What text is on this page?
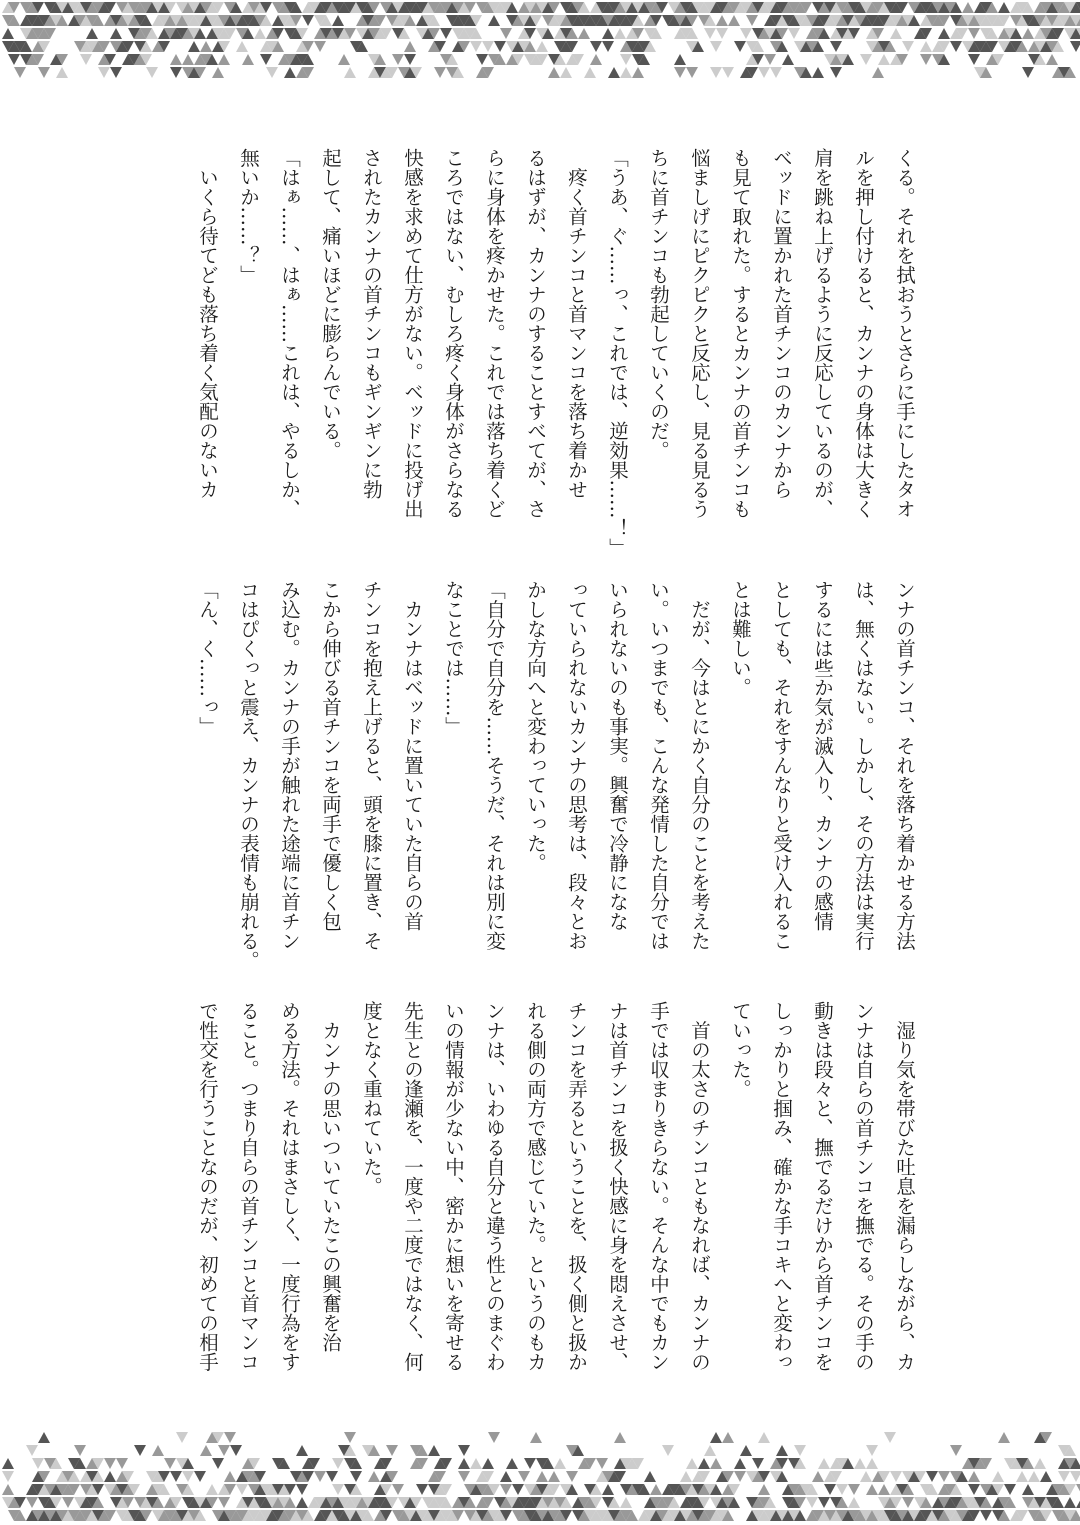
くる。それを拭おうとさらに手にしたタオ
ルを押し付けると、カンナの身体は大きく
肩を跳ね上げるように反応しているのが、
ベッドに置かれた首チンコのカンナから
も見て取れた。するとカンナの首チンコも
悩ましげにピクピクと反応し、見る見るう
ちに首チンコも勃起していくのだ。
「うあ、ぐ……っ、これでは、逆効果……！」
　疼く首チンコと首マンコを落ち着かせ
るはずが、カンナのすることすべてが、さ
らに身体を疼かせた。これでは落ち着くど
ころではない、むしろ疼く身体がさらなる
快感を求めて仕方がない。ベッドに投げ出
されたカンナの首チンコもギンギンに勃
起して、痛いほどに膨らんでいる。
「はぁ……、はぁ……これは、やるしか、
無いか……？」
　いくら待てども落ち着く気配のないカ
ンナの首チンコ、それを落ち着かせる方法
は、無くはない。しかし、その方法は実行
するには些か気が滅入り、カンナの感情
としても、それをすんなりと受け入れるこ
とは難しい。
　だが、今はとにかく自分のことを考えた
い。いつまでも、こんな発情した自分では
いられないのも事実。興奮で冷静になな
っていられないカンナの思考は、段々とお
かしな方向へと変わっていった。
「自分で自分を……そうだ、それは別に変
なことでは……」
　カンナはベッドに置いていた自らの首
チンコを抱え上げると、頭を膝に置き、そ
こから伸びる首チンコを両手で優しく包
み込む。カンナの手が触れた途端に首チン
コはぴくっと震え、カンナの表情も崩れる。
「ん、く……っ」
　湿り気を帯びた吐息を漏らしながら、カ
ンナは自らの首チンコを撫でる。その手の
動きは段々と、撫でるだけから首チンコを
しっかりと掴み、確かな手コキへと変わっ
ていった。
　首の太さのチンコともなれば、カンナの
手では収まりきらない。そんな中でもカン
ナは首チンコを扱く快感に身を悶えさせ、
チンコを弄るということを、扱く側と扱か
れる側の両方で感じていた。というのもカ
ンナは、いわゆる自分と違う性とのまぐわ
いの情報が少ない中、密かに想いを寄せる
先生との逢瀬を、一度や二度ではなく、何
度となく重ねていた。
　カンナの思いついていたこの興奮を治
める方法。それはまさしく、一度行為をす
ること。つまり自らの首チンコと首マンコ
で性交を行うことなのだが、初めての相手
